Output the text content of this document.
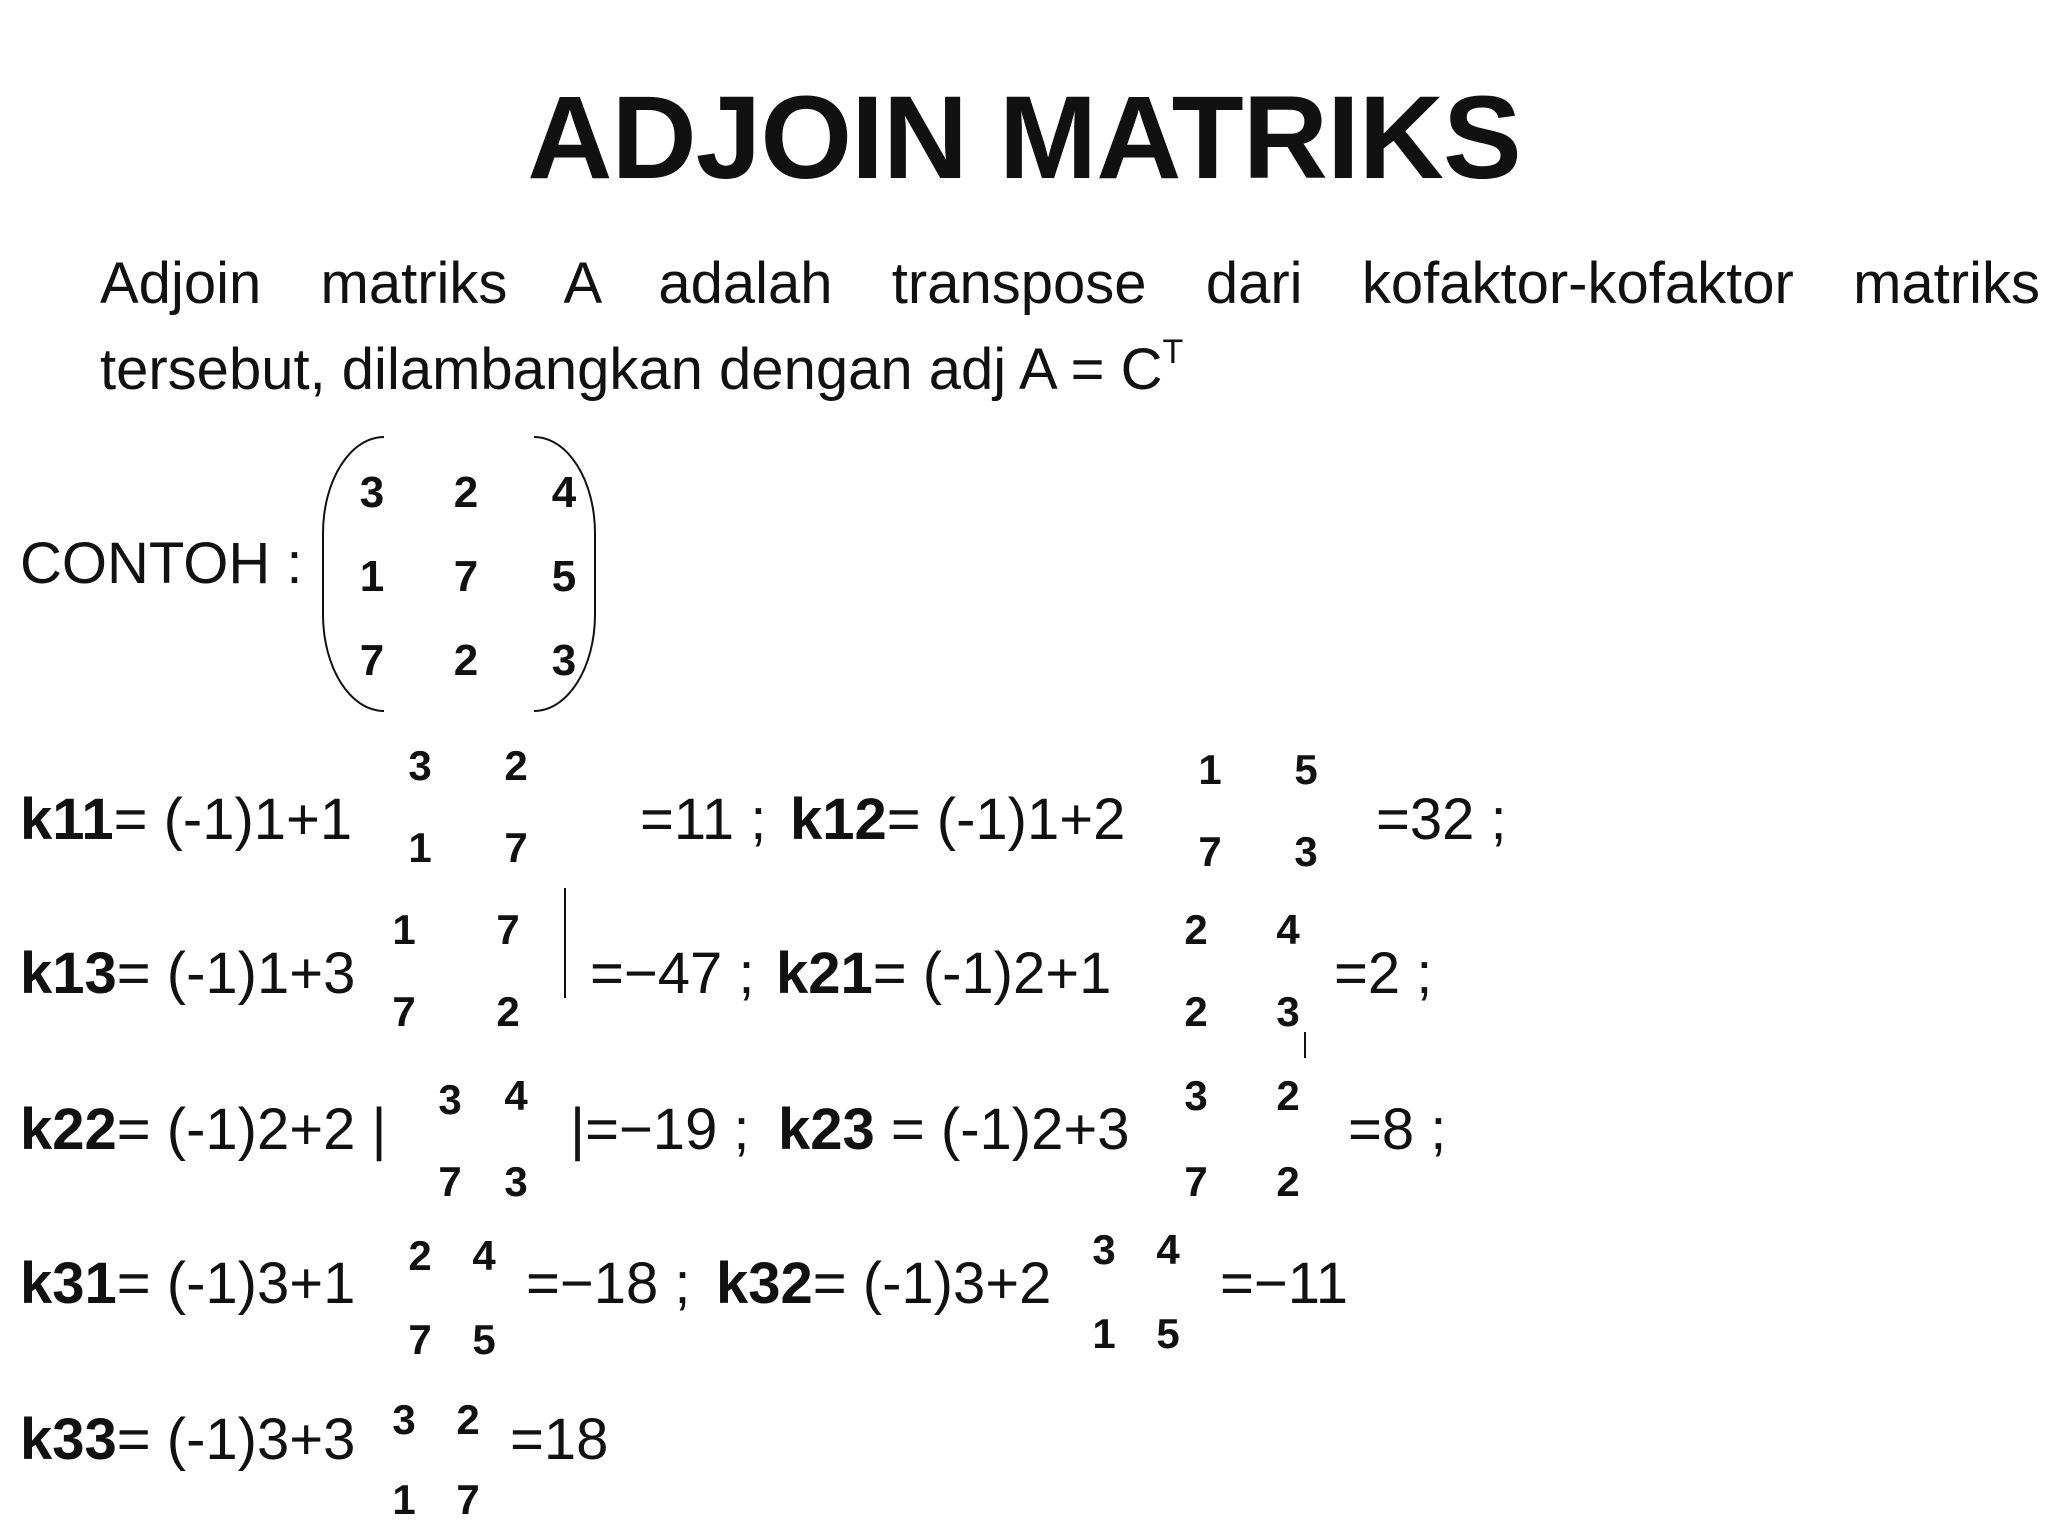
ADJOIN MATRIKS
Adjoin matriks A adalah transpose dari kofaktor-kofaktor matriks
tersebut, dilambangkan dengan adj $A = C^T$
CONTOH :
3 2 4
1 7 5
7 2 3
k11= (-1)1+1
3 2
1 7 =11 ; k12= (-1)1+2
1 5
7 3 =32 ;
k13= (-1)1+3
1 7
7 2
=−47 ; k21= (-1)2+1
2 4
2 3
=2 ;
k22= (-1)2+2 | 3 4
7 3
|=−19 ; k23 = (-1)2+3
3 2
7 2
=8 ;
k31= (-1)3+1 2 4
7 5
=−18 ; k32= (-1)3+2
3 4
1 5
=−11
k33= (-1)3+3 3 2
1 7
=18
